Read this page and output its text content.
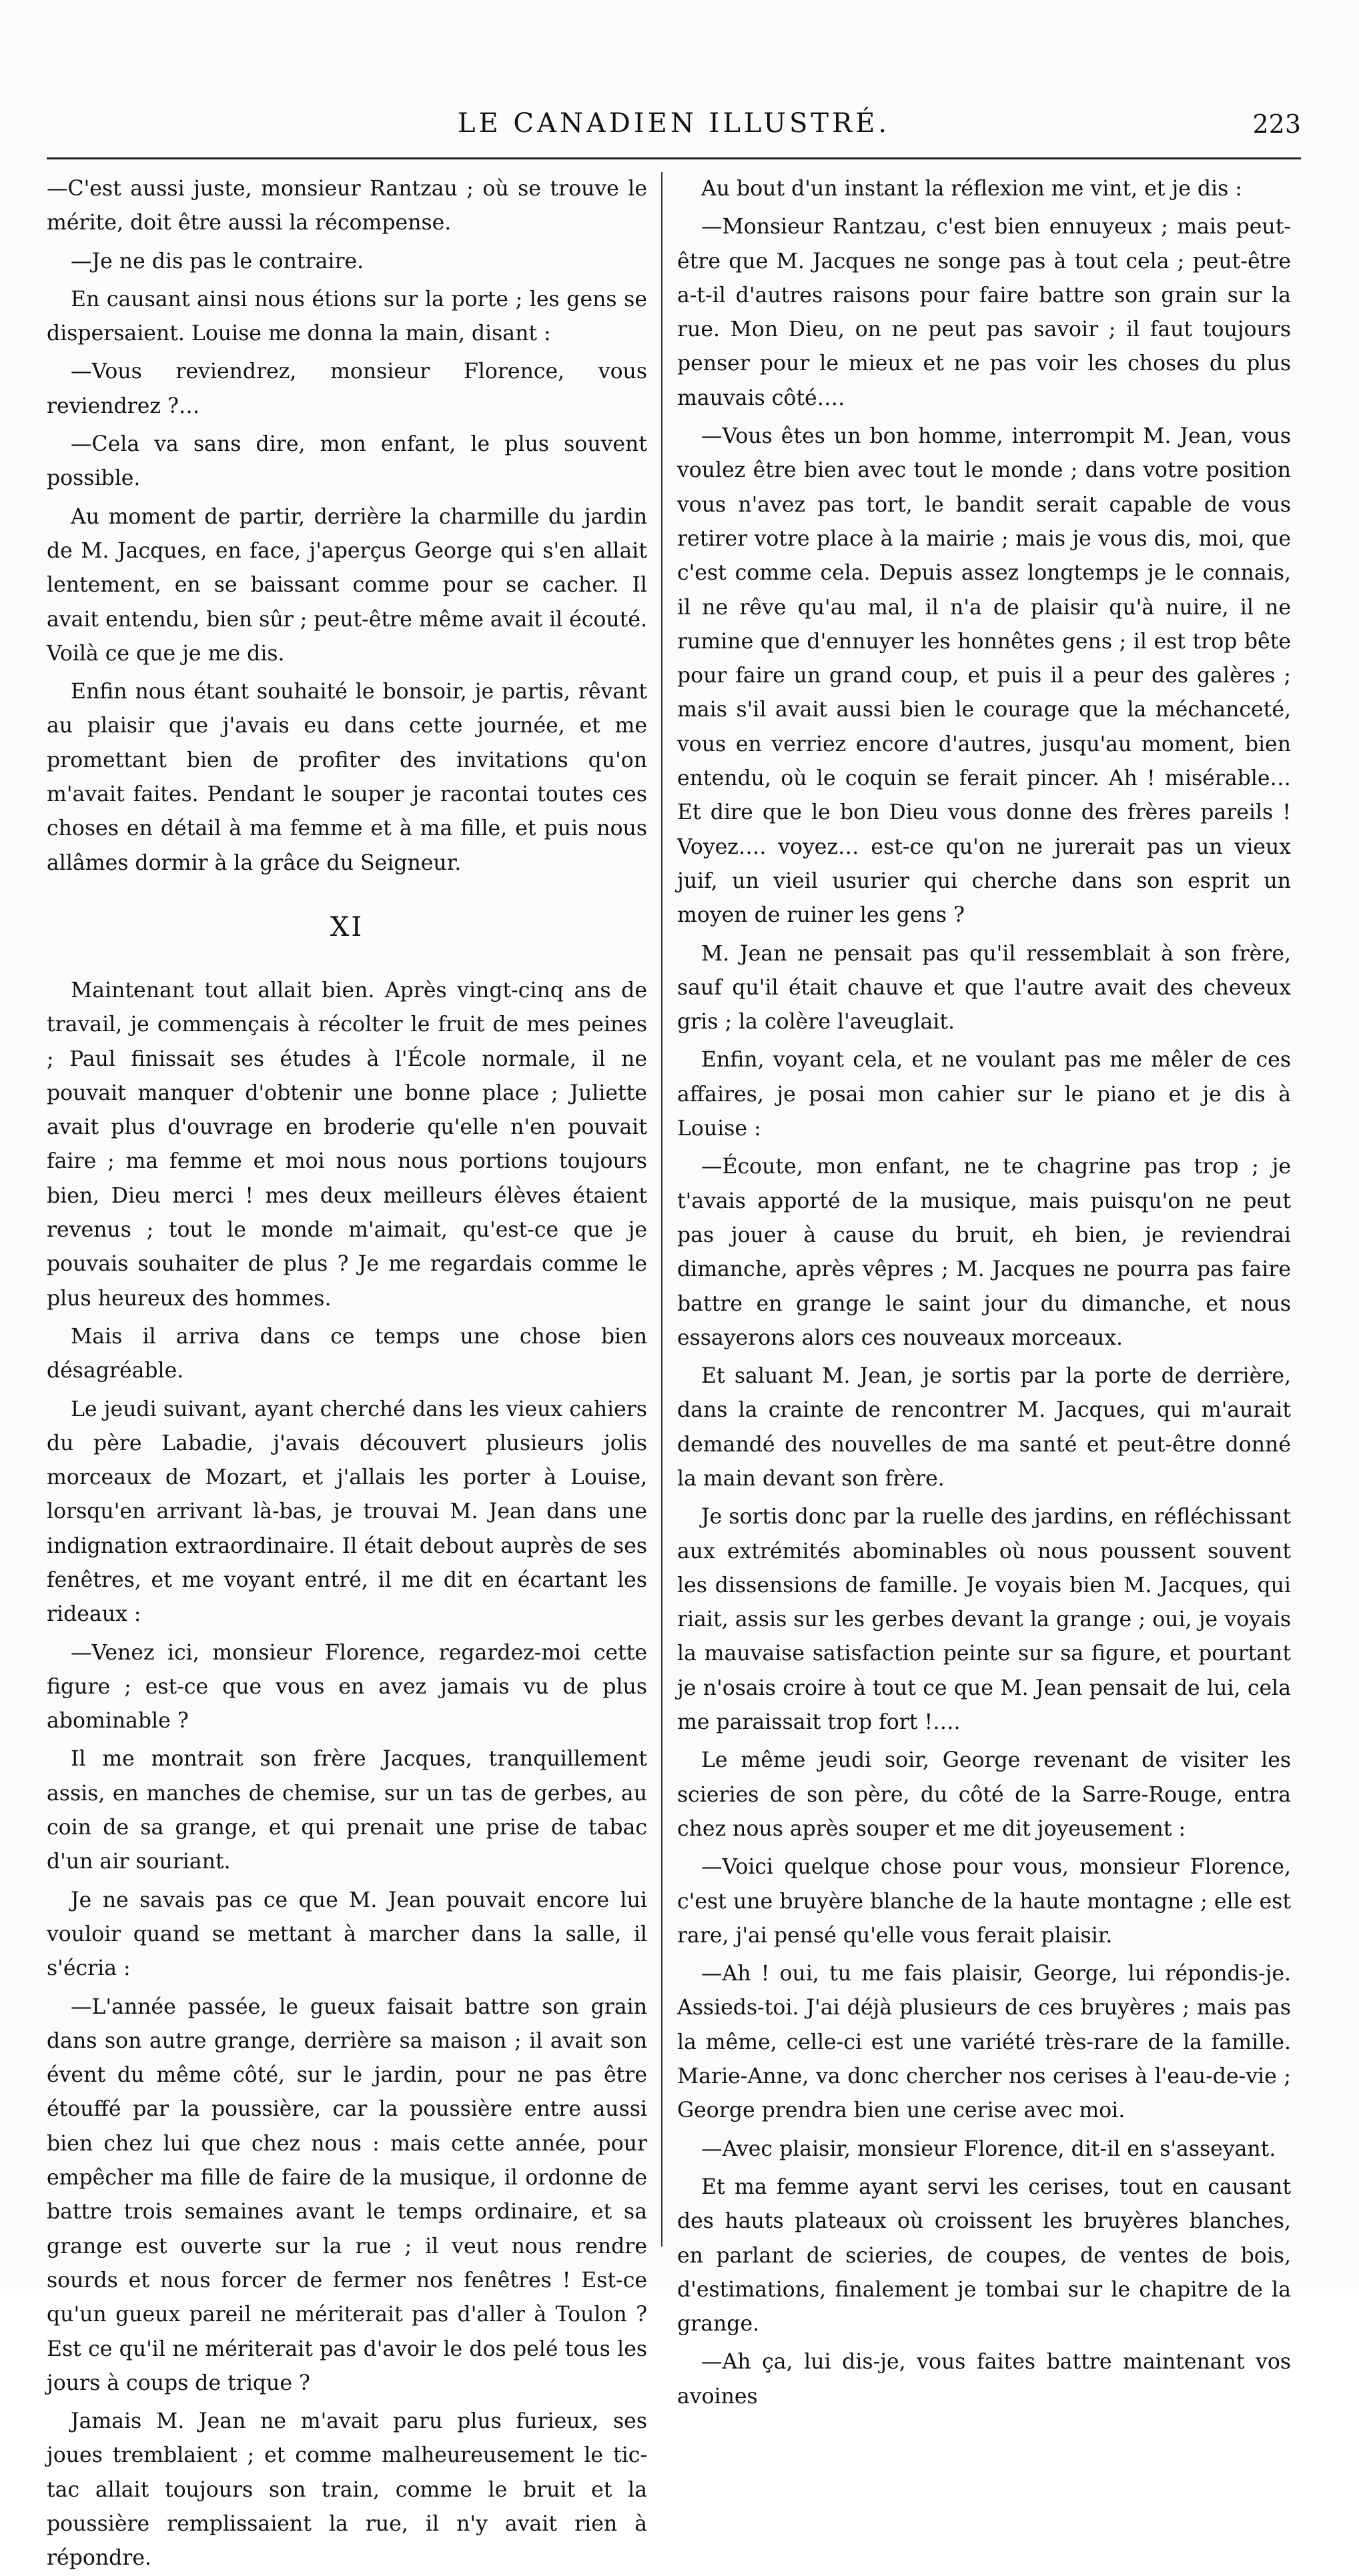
LE CANADIEN ILLUSTRÉ.	223

—C'est aussi juste, monsieur Rantzau ; où se trouve le mérite, doit être aussi la récompense.

—Je ne dis pas le contraire.

En causant ainsi nous étions sur la porte ; les gens se dispersaient. Louise me donna la main, disant :

—Vous reviendrez, monsieur Florence, vous reviendrez ?…

—Cela va sans dire, mon enfant, le plus souvent possible.

Au moment de partir, derrière la charmille du jardin de M. Jacques, en face, j'aperçus George qui s'en allait lentement, en se baissant comme pour se cacher. Il avait entendu, bien sûr ; peut-être même avait il écouté. Voilà ce que je me dis.

Enfin nous étant souhaité le bonsoir, je partis, rêvant au plaisir que j'avais eu dans cette journée, et me promettant bien de profiter des invitations qu'on m'avait faites. Pendant le souper je racontai toutes ces choses en détail à ma femme et à ma fille, et puis nous allâmes dormir à la grâce du Seigneur.

XI

Maintenant tout allait bien. Après vingt-cinq ans de travail, je commençais à récolter le fruit de mes peines ; Paul finissait ses études à l'École normale, il ne pouvait manquer d'obtenir une bonne place ; Juliette avait plus d'ouvrage en broderie qu'elle n'en pouvait faire ; ma femme et moi nous nous portions toujours bien, Dieu merci ! mes deux meilleurs élèves étaient revenus ; tout le monde m'aimait, qu'est-ce que je pouvais souhaiter de plus ? Je me regardais comme le plus heureux des hommes.

Mais il arriva dans ce temps une chose bien désagréable.

Le jeudi suivant, ayant cherché dans les vieux cahiers du père Labadie, j'avais découvert plusieurs jolis morceaux de Mozart, et j'allais les porter à Louise, lorsqu'en arrivant là-bas, je trouvai M. Jean dans une indignation extraordinaire. Il était debout auprès de ses fenêtres, et me voyant entré, il me dit en écartant les rideaux :

—Venez ici, monsieur Florence, regardez-moi cette figure ; est-ce que vous en avez jamais vu de plus abominable ?

Il me montrait son frère Jacques, tranquillement assis, en manches de chemise, sur un tas de gerbes, au coin de sa grange, et qui prenait une prise de tabac d'un air souriant.

Je ne savais pas ce que M. Jean pouvait encore lui vouloir quand se mettant à marcher dans la salle, il s'écria :

—L'année passée, le gueux faisait battre son grain dans son autre grange, derrière sa maison ; il avait son évent du même côté, sur le jardin, pour ne pas être étouffé par la poussière, car la poussière entre aussi bien chez lui que chez nous : mais cette année, pour empêcher ma fille de faire de la musique, il ordonne de battre trois semaines avant le temps ordinaire, et sa grange est ouverte sur la rue ; il veut nous rendre sourds et nous forcer de fermer nos fenêtres ! Est-ce qu'un gueux pareil ne mériterait pas d'aller à Toulon ? Est ce qu'il ne mériterait pas d'avoir le dos pelé tous les jours à coups de trique ?

Jamais M. Jean ne m'avait paru plus furieux, ses joues tremblaient ; et comme malheureusement le tic-tac allait toujours son train, comme le bruit et la poussière remplissaient la rue, il n'y avait rien à répondre.

Au bout d'un instant la réflexion me vint, et je dis :

—Monsieur Rantzau, c'est bien ennuyeux ; mais peut-être que M. Jacques ne songe pas à tout cela ; peut-être a-t-il d'autres raisons pour faire battre son grain sur la rue. Mon Dieu, on ne peut pas savoir ; il faut toujours penser pour le mieux et ne pas voir les choses du plus mauvais côté….

—Vous êtes un bon homme, interrompit M. Jean, vous voulez être bien avec tout le monde ; dans votre position vous n'avez pas tort, le bandit serait capable de vous retirer votre place à la mairie ; mais je vous dis, moi, que c'est comme cela. Depuis assez longtemps je le connais, il ne rêve qu'au mal, il n'a de plaisir qu'à nuire, il ne rumine que d'ennuyer les honnêtes gens ; il est trop bête pour faire un grand coup, et puis il a peur des galères ; mais s'il avait aussi bien le courage que la méchanceté, vous en verriez encore d'autres, jusqu'au moment, bien entendu, où le coquin se ferait pincer. Ah ! misérable… Et dire que le bon Dieu vous donne des frères pareils ! Voyez…. voyez… est-ce qu'on ne jurerait pas un vieux juif, un vieil usurier qui cherche dans son esprit un moyen de ruiner les gens ?

M. Jean ne pensait pas qu'il ressemblait à son frère, sauf qu'il était chauve et que l'autre avait des cheveux gris ; la colère l'aveuglait.

Enfin, voyant cela, et ne voulant pas me mêler de ces affaires, je posai mon cahier sur le piano et je dis à Louise :

—Écoute, mon enfant, ne te chagrine pas trop ; je t'avais apporté de la musique, mais puisqu'on ne peut pas jouer à cause du bruit, eh bien, je reviendrai dimanche, après vêpres ; M. Jacques ne pourra pas faire battre en grange le saint jour du dimanche, et nous essayerons alors ces nouveaux morceaux.

Et saluant M. Jean, je sortis par la porte de derrière, dans la crainte de rencontrer M. Jacques, qui m'aurait demandé des nouvelles de ma santé et peut-être donné la main devant son frère.

Je sortis donc par la ruelle des jardins, en réfléchissant aux extrémités abominables où nous poussent souvent les dissensions de famille. Je voyais bien M. Jacques, qui riait, assis sur les gerbes devant la grange ; oui, je voyais la mauvaise satisfaction peinte sur sa figure, et pourtant je n'osais croire à tout ce que M. Jean pensait de lui, cela me paraissait trop fort !….

Le même jeudi soir, George revenant de visiter les scieries de son père, du côté de la Sarre-Rouge, entra chez nous après souper et me dit joyeusement :

—Voici quelque chose pour vous, monsieur Florence, c'est une bruyère blanche de la haute montagne ; elle est rare, j'ai pensé qu'elle vous ferait plaisir.

—Ah ! oui, tu me fais plaisir, George, lui répondis-je. Assieds-toi. J'ai déjà plusieurs de ces bruyères ; mais pas la même, celle-ci est une variété très-rare de la famille. Marie-Anne, va donc chercher nos cerises à l'eau-de-vie ; George prendra bien une cerise avec moi.

—Avec plaisir, monsieur Florence, dit-il en s'asseyant.

Et ma femme ayant servi les cerises, tout en causant des hauts plateaux où croissent les bruyères blanches, en parlant de scieries, de coupes, de ventes de bois, d'estimations, finalement je tombai sur le chapitre de la grange.

—Ah ça, lui dis-je, vous faites battre maintenant vos avoines
